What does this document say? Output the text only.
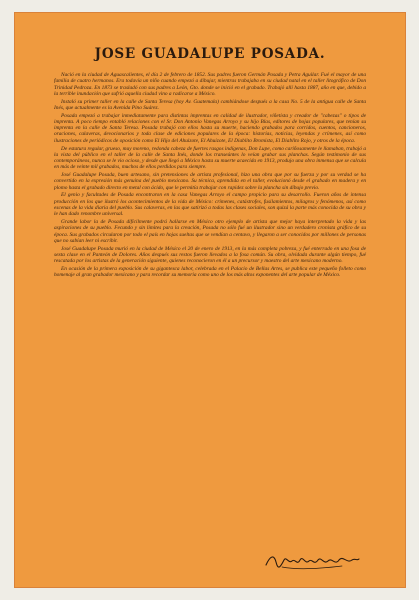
JOSE GUADALUPE POSADA.

Nació en la ciudad de Aguascalientes, el día 2 de febrero de 1852. Sus padres fueron Germán Posada y Petra Aguilar. Fué el mayor de una familia de cuatro hermanos. Era todavía un niño cuando empezó a dibujar, mientras trabajaba en su ciudad natal en el taller litográfico de Don Trinidad Pedroza. En 1873 se trasladó con sus padres a León, Gto. donde se inició en el grabado. Trabajó allí hasta 1887, año en que, debido a la terrible inundación que sufrió aquella ciudad vino a radicarse a México.

Instaló su primer taller en la calle de Santa Teresa (hoy Av. Guatemala) cambiándose después a la casa No. 5 de la antigua calle de Santa Inés, que actualmente es la Avenida Pino Suárez.

Posada empezó a trabajar inmediatamente para distintas imprentas en calidad de ilustrador, viñetista y creador de "cabezas" o tipos de imprenta. A poco tiempo entabló relaciones con el Sr. Don Antonio Vanegas Arroyo y su hijo Blas, editores de hojas populares, que tenían su imprenta en la calle de Santa Teresa. Posada trabajó con ellos hasta su muerte, haciendo grabados para corridos, cuentos, cancioneros, oraciones, calaveras, devocionarios y toda clase de ediciones populares de la época: historias, noticias, leyendas y crímenes, así como ilustraciones de periódicos de oposición como El Hijo del Ahuizote, El Ahuizote, El Diablito Bromista, El Diablito Rojo, y otros de la época.

De estatura regular, grueso, muy moreno, redonda cabeza de fuertes rasgos indígenas, Don Lupe, como cariñosamente le llamaban, trabajó a la vista del público en el taller de la calle de Santa Inés, donde los transeúntes lo veían grabar sus planchas. Según testimonio de sus contemporáneos, nunca se le vio ocioso, y desde que llegó a México hasta su muerte acaecida en 1913, produjo una obra inmensa que se calcula en más de veinte mil grabados, muchos de ellos perdidos para siempre.

José Guadalupe Posada, buen artesano, sin pretensiones de artista profesional, hizo una obra que por su fuerza y por su verdad se ha convertido en la expresión más genuina del pueblo mexicano. Su técnica, aprendida en el taller, evolucionó desde el grabado en madera y en plomo hasta el grabado directo en metal con ácido, que le permitía trabajar con rapidez sobre la plancha sin dibujo previo.

El genio y facultades de Posada encontraron en la casa Vanegas Arroyo el campo propicio para su desarrollo. Fueron años de intensa producción en los que ilustró los acontecimientos de la vida de México: crímenes, catástrofes, fusilamientos, milagros y fenómenos, así como escenas de la vida diaria del pueblo. Sus calaveras, en las que satirizó a todas las clases sociales, son quizá la parte más conocida de su obra y le han dado renombre universal.

Grande labor la de Posada difícilmente podrá hallarse en México otro ejemplo de artista que mejor haya interpretado la vida y las aspiraciones de su pueblo. Fecundo y sin límites para la creación, Posada no sólo fué un ilustrador sino un verdadero cronista gráfico de su época. Sus grabados circularon por todo el país en hojas sueltas que se vendían a centavo, y llegaron a ser conocidos por millones de personas que no sabían leer ni escribir.

José Guadalupe Posada murió en la ciudad de México el 20 de enero de 1913, en la más completa pobreza, y fué enterrado en una fosa de sexta clase en el Panteón de Dolores. Años después sus restos fueron llevados a la fosa común. Su obra, olvidada durante algún tiempo, fué rescatada por los artistas de la generación siguiente, quienes reconocieron en él a un precursor y maestro del arte mexicano moderno.

En ocasión de la primera exposición de su gigantesca labor, celebrada en el Palacio de Bellas Artes, se publica este pequeño folleto como homenaje al gran grabador mexicano y para recordar su memoria como uno de los más altos exponentes del arte popular de México.
